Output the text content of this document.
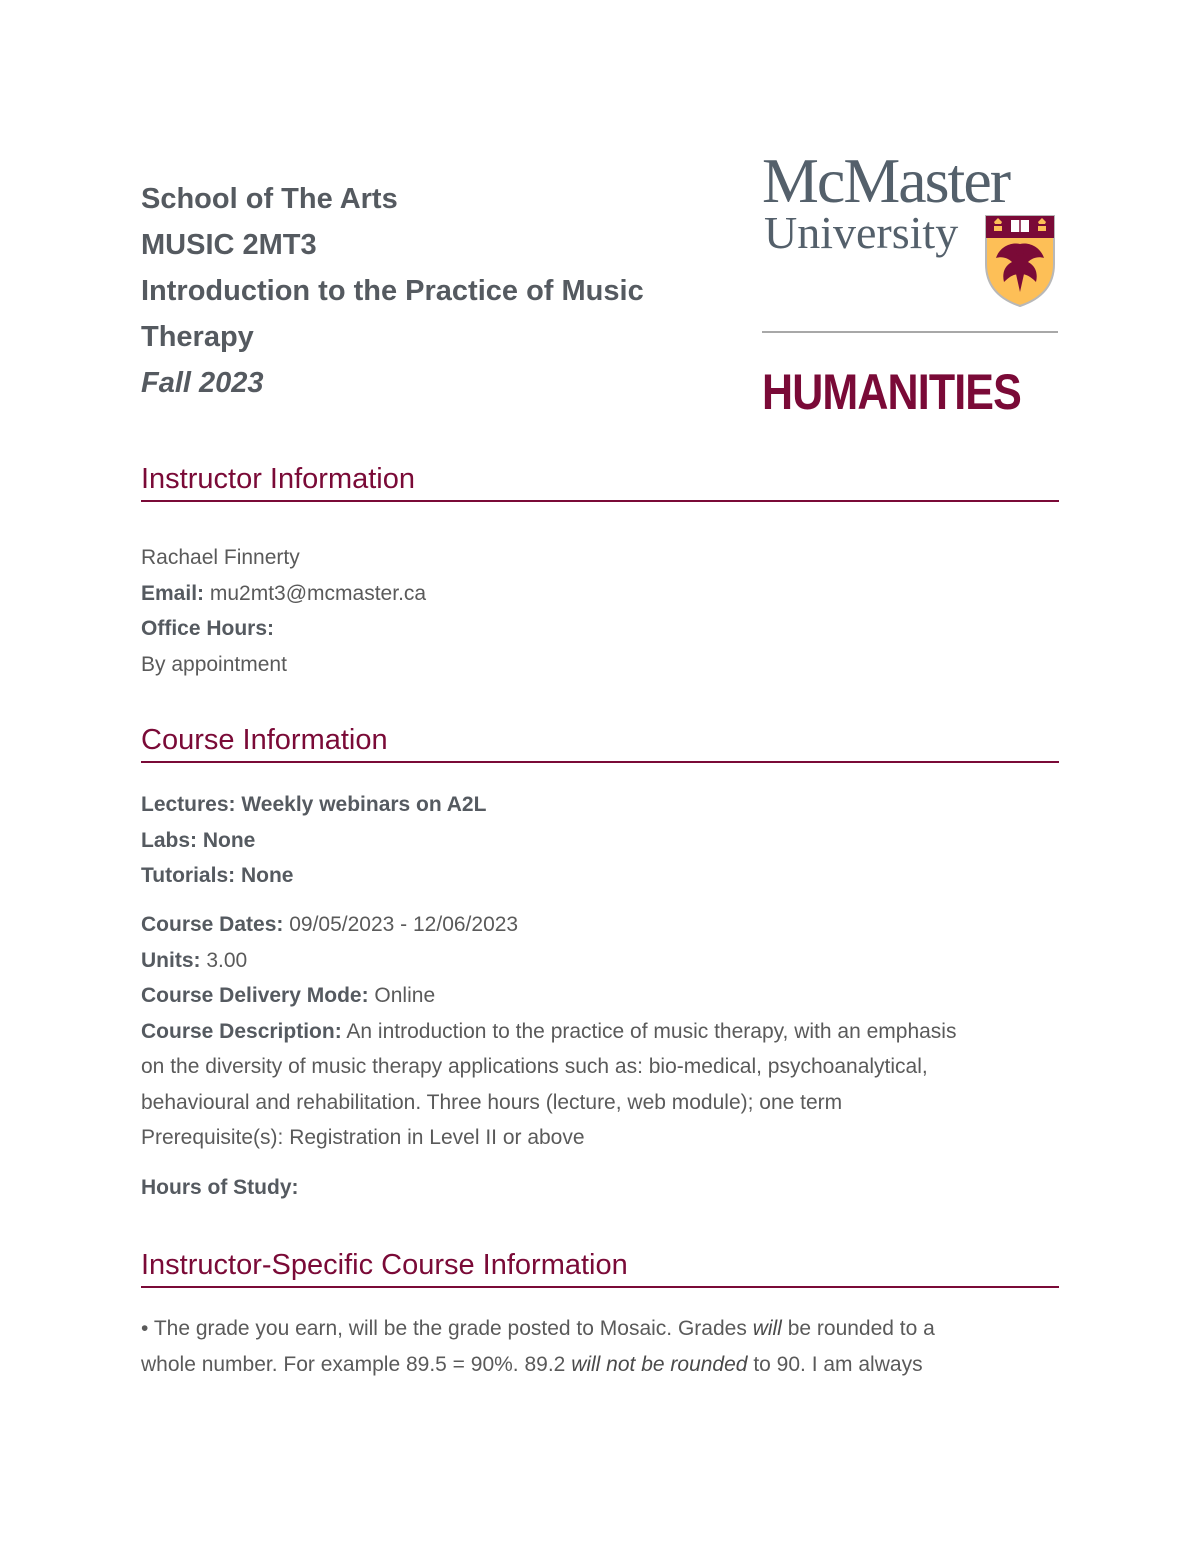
School of The Arts

MUSIC 2MT3

Introduction to the Practice of Music

Therapy

Fall 2023

McMaster
University
HUMANITIES
Instructor Information

Rachael Finnerty

Email: mu2mt3@mcmaster.ca

Office Hours:

By appointment

Course Information

Lectures: Weekly webinars on A2L

Labs: None

Tutorials: None

Course Dates: 09/05/2023 - 12/06/2023

Units: 3.00

Course Delivery Mode: Online

Course Description: An introduction to the practice of music therapy, with an emphasis

on the diversity of music therapy applications such as: bio-medical, psychoanalytical,

behavioural and rehabilitation. Three hours (lecture, web module); one term

Prerequisite(s): Registration in Level II or above

Hours of Study:

Instructor-Specific Course Information

• The grade you earn, will be the grade posted to Mosaic. Grades will be rounded to a

whole number. For example 89.5 = 90%. 89.2 will not be rounded to 90. I am always
